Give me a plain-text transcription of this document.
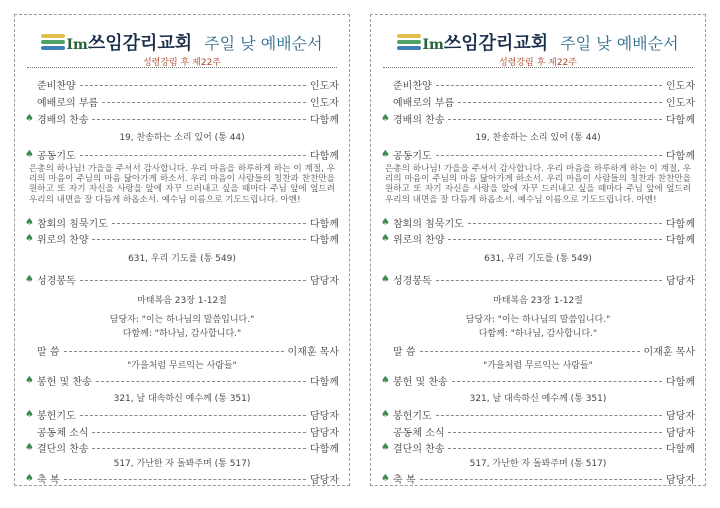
Im쓰임감리교회 주일 낮 예배순서
성령강림 후 제22주
준비찬양	인도자
예배로의 부름	인도자
♠ 경배의 찬송	다함께
19, 찬송하는 소리 있어 (통 44)
♠ 공동기도	다함께
은총의 하나님! 가을을 주셔서 감사합니다. 우리 마음을 하루하게 하는 이 계절, 우리의 마음이 주님의 마음 닮아가게 하소서. 우리 마음이 사람들의 칭찬과 찬찬만을 원하고 또 자기 자신을 사랑을 앞에 자꾸 드러내고 싶을 때마다 주님 앞에 엎드려 우리의 내면을 잘 다듬게 하옵소서. 예수님 이름으로 기도드립니다. 아멘!
♠ 참회의 침묵기도	다함께
♠ 위로의 찬양	다함께
631, 우리 기도를 (통 549)
♠ 성경봉독	담당자
마태복음 23장 1-12절
담당자: "이는 하나님의 말씀입니다."
다함께: "하나님, 감사합니다."
말 씀	이재훈 목사
"가을처럼 무르익는 사람들"
♠ 봉헌 및 찬송	다함께
321, 날 대속하신 예수께 (통 351)
♠ 봉헌기도	담당자
공동체 소식	담당자
♠ 결단의 찬송	다함께
517, 가난한 자 돌봐주며 (통 517)
♠ 축 복	담당자
Im쓰임감리교회 주일 낮 예배순서
성령강림 후 제22주
준비찬양	인도자
예배로의 부름	인도자
♠ 경배의 찬송	다함께
19, 찬송하는 소리 있어 (통 44)
♠ 공동기도	다함께
은총의 하나님! 가을을 주셔서 감사합니다. 우리 마음을 하루하게 하는 이 계절, 우리의 마음이 주님의 마음 닮아가게 하소서. 우리 마음이 사람들의 칭찬과 찬찬만을 원하고 또 자기 자신을 사랑을 앞에 자꾸 드러내고 싶을 때마다 주님 앞에 엎드려 우리의 내면을 잘 다듬게 하옵소서. 예수님 이름으로 기도드립니다. 아멘!
♠ 참회의 침묵기도	다함께
♠ 위로의 찬양	다함께
631, 우리 기도를 (통 549)
♠ 성경봉독	담당자
마태복음 23장 1-12절
담당자: "이는 하나님의 말씀입니다."
다함께: "하나님, 감사합니다."
말 씀	이재훈 목사
"가을처럼 무르익는 사람들"
♠ 봉헌 및 찬송	다함께
321, 날 대속하신 예수께 (통 351)
♠ 봉헌기도	담당자
공동체 소식	담당자
♠ 결단의 찬송	다함께
517, 가난한 자 돌봐주며 (통 517)
♠ 축 복	담당자
